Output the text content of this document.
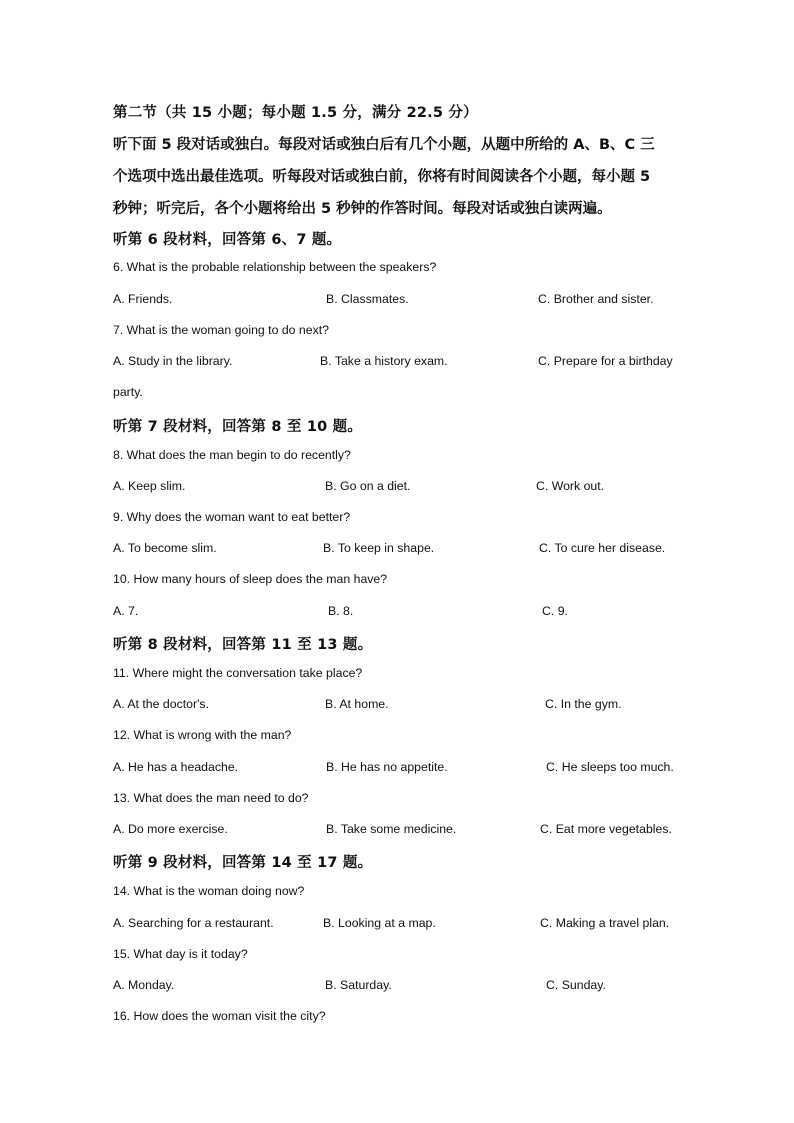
第二节（共 15 小题；每小题 1.5 分，满分 22.5 分）
听下面 5 段对话或独白。每段对话或独白后有几个小题，从题中所给的 A、B、C 三
个选项中选出最佳选项。听每段对话或独白前，你将有时间阅读各个小题，每小题 5
秒钟；听完后，各个小题将给出 5 秒钟的作答时间。每段对话或独白读两遍。
听第 6 段材料，回答第 6、7 题。
6. What is the probable relationship between the speakers?
A. Friends.	B. Classmates.	C. Brother and sister.
7. What is the woman going to do next?
A. Study in the library.	B. Take a history exam.	C. Prepare for a birthday
party.
听第 7 段材料，回答第 8 至 10 题。
8. What does the man begin to do recently?
A. Keep slim.	B. Go on a diet.	C. Work out.
9. Why does the woman want to eat better?
A. To become slim.	B. To keep in shape.	C. To cure her disease.
10. How many hours of sleep does the man have?
A. 7.	B. 8.	C. 9.
听第 8 段材料，回答第 11 至 13 题。
11. Where might the conversation take place?
A. At the doctor's.	B. At home.	C. In the gym.
12. What is wrong with the man?
A. He has a headache.	B. He has no appetite.	C. He sleeps too much.
13. What does the man need to do?
A. Do more exercise.	B. Take some medicine.	C. Eat more vegetables.
听第 9 段材料，回答第 14 至 17 题。
14. What is the woman doing now?
A. Searching for a restaurant.	B. Looking at a map.	C. Making a travel plan.
15. What day is it today?
A. Monday.	B. Saturday.	C. Sunday.
16. How does the woman visit the city?
